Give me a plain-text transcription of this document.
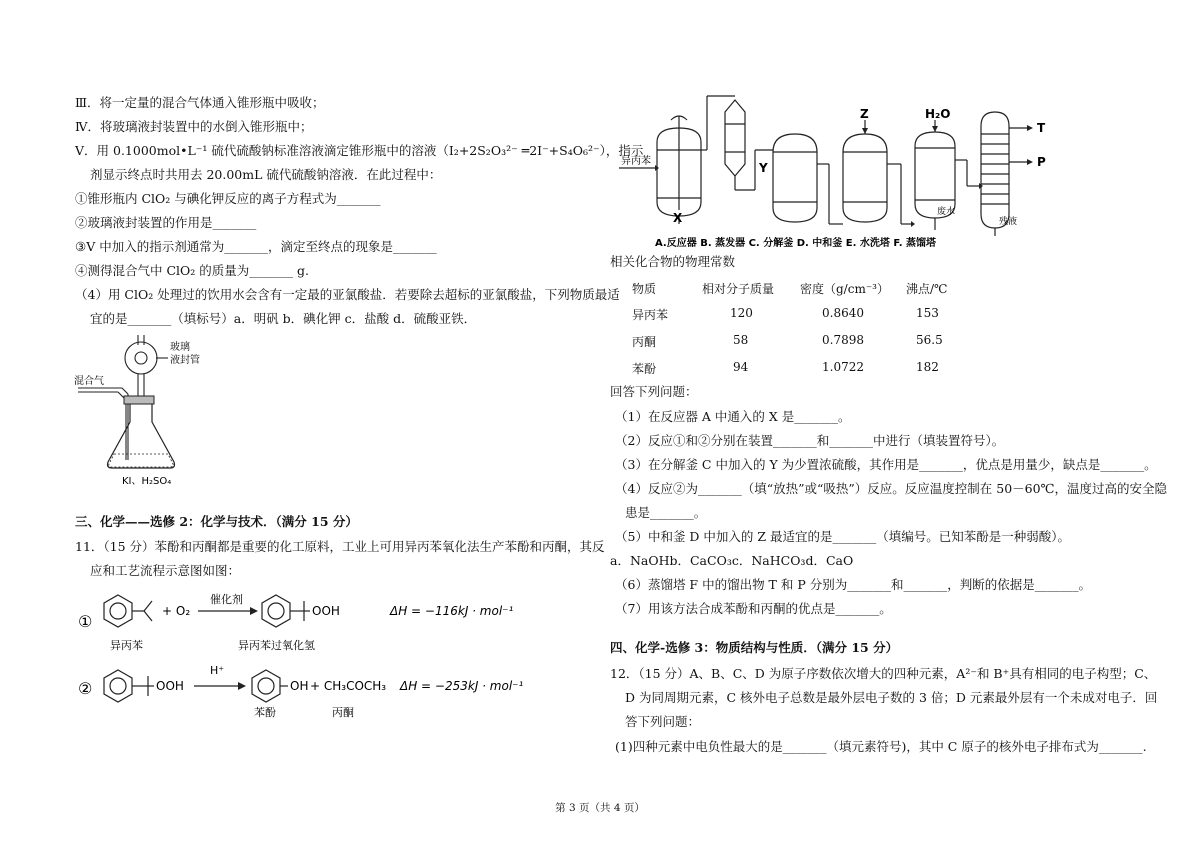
Ⅲ．将一定量的混合气体通入锥形瓶中吸收；
Ⅳ．将玻璃液封装置中的水倒入锥形瓶中；
Ⅴ．用 0.1000mol•L⁻¹ 硫代硫酸钠标准溶液滴定锥形瓶中的溶液（I₂+2S₂O₃²⁻ ═2I⁻+S₄O₆²⁻），指示
剂显示终点时共用去 20.00mL 硫代硫酸钠溶液．在此过程中：
①锥形瓶内 ClO₂ 与碘化钾反应的离子方程式为_______
②玻璃液封装置的作用是_______
③V 中加入的指示剂通常为_______，滴定至终点的现象是_______
④测得混合气中 ClO₂ 的质量为_______ g.
（4）用 ClO₂ 处理过的饮用水会含有一定最的亚氯酸盐．若要除去超标的亚氯酸盐，下列物质最适
宜的是_______（填标号）a．明矾 b．碘化钾 c．盐酸 d．硫酸亚铁．
玻璃
液封管
混合气
KI、H₂SO₄
三、化学——选修 2：化学与技术．（满分 15 分）
11．（15 分）苯酚和丙酮都是重要的化工原料，工业上可用异丙苯氧化法生产苯酚和丙酮，其反
应和工艺流程示意图如图：
①
+ O₂
催化剂
OOH	ΔH = −116kJ · mol⁻¹
异丙苯	异丙苯过氧化氢
②	OOH
H⁺
OH + CH₃COCH₃ ΔH = −253kJ · mol⁻¹
苯酚	丙酮
异丙苯
X
Y
Z	H₂O
T
P
废水
残液
A.反应器 B. 蒸发器 C. 分解釜 D. 中和釜 E. 水洗塔 F. 蒸馏塔
相关化合物的物理常数
物质	相对分子质量 密度（g/cm⁻³） 沸点/℃
异丙苯	120	0.8640	153
丙酮	58	0.7898	56.5
苯酚	94	1.0722	182
回答下列问题：
（1）在反应器 A 中通入的 X 是_______。
（2）反应①和②分别在装置_______和_______中进行（填装置符号）。
（3）在分解釜 C 中加入的 Y 为少置浓硫酸，其作用是_______，优点是用量少，缺点是_______。
（4）反应②为_______（填“放热”或“吸热”）反应。反应温度控制在 50－60℃，温度过高的安全隐
患是_______。
（5）中和釜 D 中加入的 Z 最适宜的是_______（填编号。已知苯酚是一种弱酸）。
a．NaOHb．CaCO₃c．NaHCO₃d．CaO
（6）蒸馏塔 F 中的馏出物 T 和 P 分别为_______和_______，判断的依据是_______。
（7）用该方法合成苯酚和丙酮的优点是_______。
四、化学-选修 3：物质结构与性质．（满分 15 分）
12．（15 分）A、B、C、D 为原子序数依次增大的四种元素，A²⁻和 B⁺具有相同的电子构型；C、
D 为同周期元素，C 核外电子总数是最外层电子数的 3 倍；D 元素最外层有一个未成对电子．回
答下列问题：
(1)四种元素中电负性最大的是_______（填元素符号)，其中 C 原子的核外电子排布式为_______.
第 3 页（共 4 页）
